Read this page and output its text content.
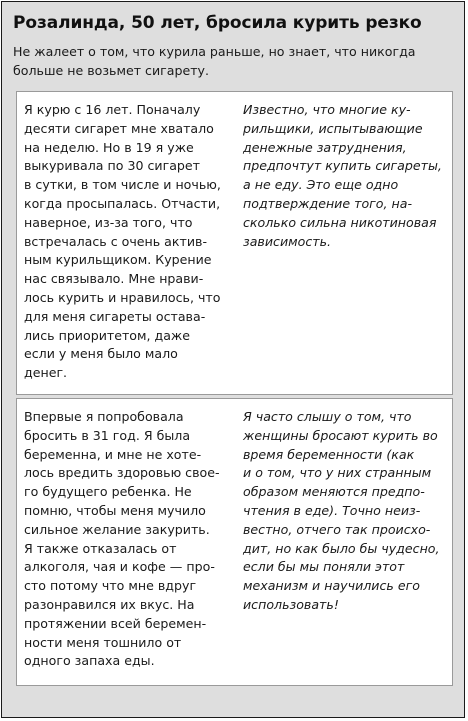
Розалинда, 50 лет, бросила курить резко

Не жалеет о том, что курила раньше, но знает, что никогда
больше не возьмет сигарету.

Я курю с 16 лет. Поначалу
десяти сигарет мне хватало
на неделю. Но в 19 я уже
выкуривала по 30 сигарет
в сутки, в том числе и ночью,
когда просыпалась. Отчасти,
наверное, из-за того, что
встречалась с очень актив-
ным курильщиком. Курение
нас связывало. Мне нрави-
лось курить и нравилось, что
для меня сигареты остава-
лись приоритетом, даже
если у меня было мало
денег.
Известно, что многие ку-
рильщики, испытывающие
денежные затруднения,
предпочтут купить сигареты,
а не еду. Это еще одно
подтверждение того, на-
сколько сильна никотиновая
зависимость.
Впервые я попробовала
бросить в 31 год. Я была
беременна, и мне не хоте-
лось вредить здоровью свое-
го будущего ребенка. Не
помню, чтобы меня мучило
сильное желание закурить.
Я также отказалась от
алкоголя, чая и кофе — про-
сто потому что мне вдруг
разонравился их вкус. На
протяжении всей беремен-
ности меня тошнило от
одного запаха еды.
Я часто слышу о том, что
женщины бросают курить во
время беременности (как
и о том, что у них странным
образом меняются предпо-
чтения в еде). Точно неиз-
вестно, отчего так происхо-
дит, но как было бы чудесно,
если бы мы поняли этот
механизм и научились его
использовать!
